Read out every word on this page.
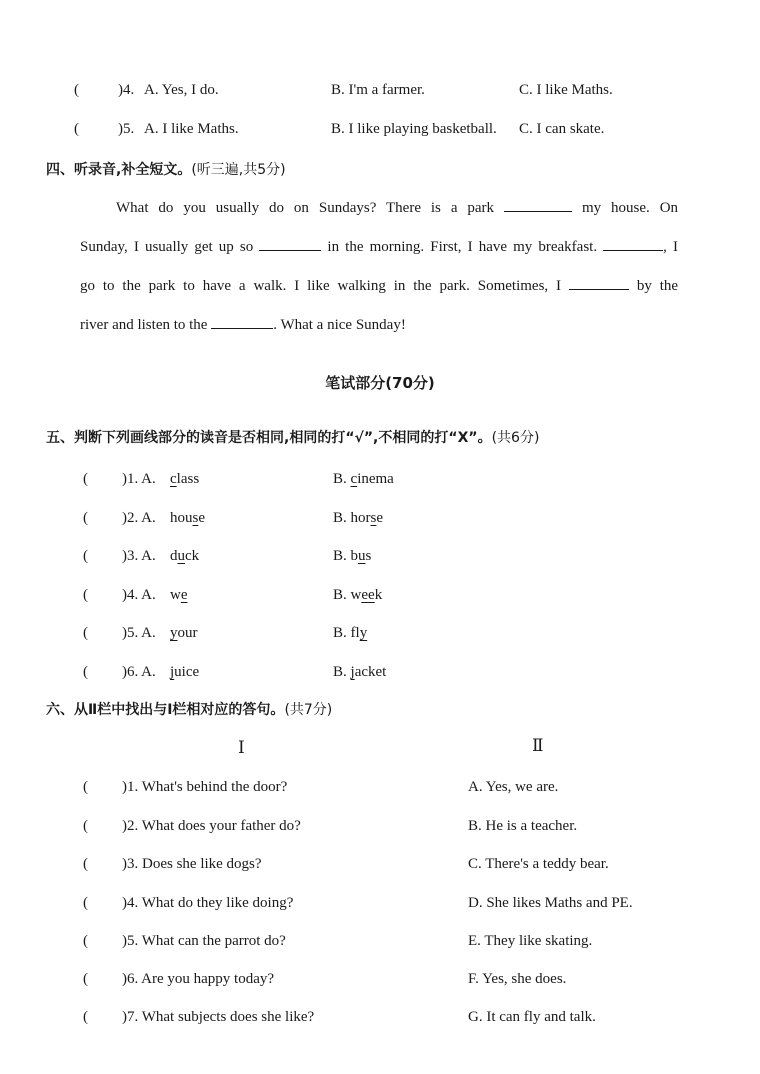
(	)4. A. Yes, I do.	B. I'm a farmer.	C. I like Maths.
(	)5. A. I like Maths.	B. I like playing basketball. C. I can skate.
四、听录音,补全短文。(听三遍,共5分)
What do you usually do on Sundays? There is a park	my house. On
Sunday, I usually get up so	in the morning. First, I have my breakfast.	, I
go to the park to have a walk. I like walking in the park. Sometimes, I	by the
river and listen to the	. What a nice Sunday!
笔试部分(70分)
五、判断下列画线部分的读音是否相同,相同的打“√”,不相同的打“X”。(共6分)
( )1. A. class	B. cinema
( )2. A. house	B. horse
( )3. A. duck	B. bus
( )4. A. we	B. week
( )5. A. your	B. fly
( )6. A. juice	B. jacket
六、从Ⅱ栏中找出与Ⅰ栏相对应的答句。(共7分)
Ⅰ	Ⅱ
( )1. What's behind the door?	A. Yes, we are.
( )2. What does your father do?	B. He is a teacher.
( )3. Does she like dogs?	C. There's a teddy bear.
( )4. What do they like doing?	D. She likes Maths and PE.
( )5. What can the parrot do?	E. They like skating.
( )6. Are you happy today?	F. Yes, she does.
( )7. What subjects does she like?	G. It can fly and talk.
